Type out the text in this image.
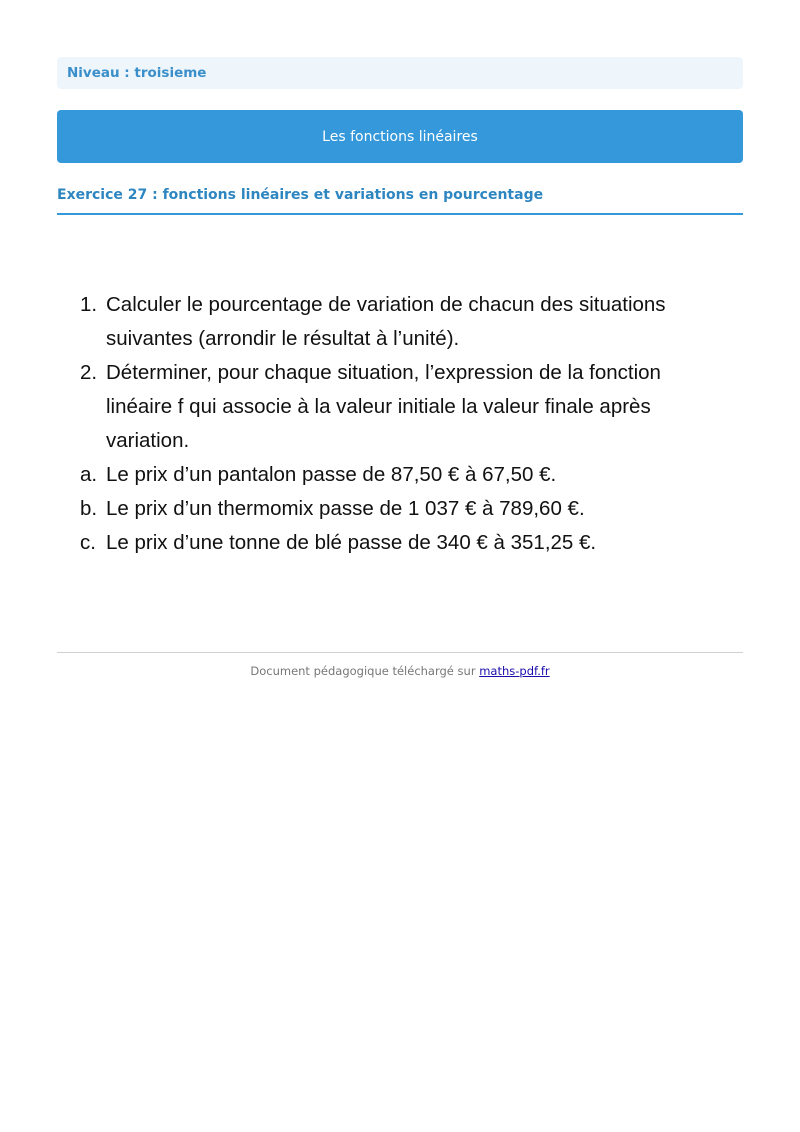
Niveau : troisieme
Les fonctions linéaires
Exercice 27 : fonctions linéaires et variations en pourcentage
1. Calculer le pourcentage de variation de chacun des situations suivantes (arrondir le résultat à l’unité).
2. Déterminer, pour chaque situation, l’expression de la fonction linéaire f qui associe à la valeur initiale la valeur finale après variation.
a. Le prix d’un pantalon passe de 87,50 € à 67,50 €.
b. Le prix d’un thermomix passe de 1 037 € à 789,60 €.
c. Le prix d’une tonne de blé passe de 340 € à 351,25 €.
Document pédagogique téléchargé sur maths-pdf.fr
